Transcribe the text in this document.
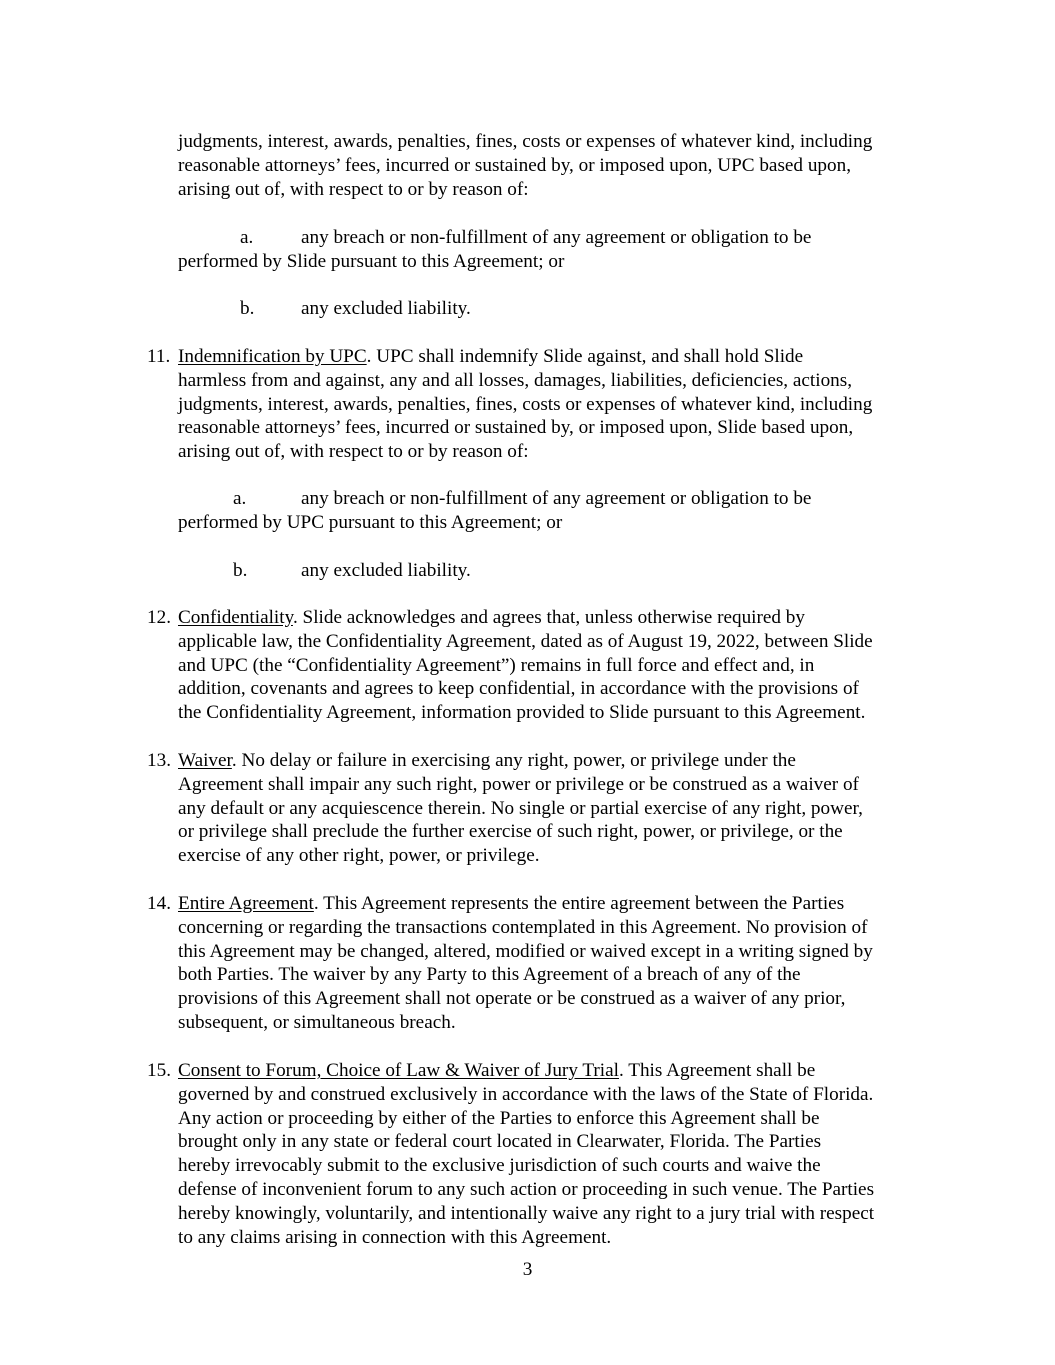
judgments, interest, awards, penalties, fines, costs or expenses of whatever kind, including
reasonable attorneys’ fees, incurred or sustained by, or imposed upon, UPC based upon,
arising out of, with respect to or by reason of:
a. any breach or non-fulfillment of any agreement or obligation to be
performed by Slide pursuant to this Agreement; or
b. any excluded liability.
11. Indemnification by UPC. UPC shall indemnify Slide against, and shall hold Slide
harmless from and against, any and all losses, damages, liabilities, deficiencies, actions,
judgments, interest, awards, penalties, fines, costs or expenses of whatever kind, including
reasonable attorneys’ fees, incurred or sustained by, or imposed upon, Slide based upon,
arising out of, with respect to or by reason of:
a.	any breach or non-fulfillment of any agreement or obligation to be
performed by UPC pursuant to this Agreement; or
b.	any excluded liability.
12. Confidentiality. Slide acknowledges and agrees that, unless otherwise required by
applicable law, the Confidentiality Agreement, dated as of August 19, 2022, between Slide
and UPC (the “Confidentiality Agreement”) remains in full force and effect and, in
addition, covenants and agrees to keep confidential, in accordance with the provisions of
the Confidentiality Agreement, information provided to Slide pursuant to this Agreement.
13. Waiver. No delay or failure in exercising any right, power, or privilege under the
Agreement shall impair any such right, power or privilege or be construed as a waiver of
any default or any acquiescence therein. No single or partial exercise of any right, power,
or privilege shall preclude the further exercise of such right, power, or privilege, or the
exercise of any other right, power, or privilege.
14. Entire Agreement. This Agreement represents the entire agreement between the Parties
concerning or regarding the transactions contemplated in this Agreement. No provision of
this Agreement may be changed, altered, modified or waived except in a writing signed by
both Parties. The waiver by any Party to this Agreement of a breach of any of the
provisions of this Agreement shall not operate or be construed as a waiver of any prior,
subsequent, or simultaneous breach.
15. Consent to Forum, Choice of Law & Waiver of Jury Trial. This Agreement shall be
governed by and construed exclusively in accordance with the laws of the State of Florida.
Any action or proceeding by either of the Parties to enforce this Agreement shall be
brought only in any state or federal court located in Clearwater, Florida. The Parties
hereby irrevocably submit to the exclusive jurisdiction of such courts and waive the
defense of inconvenient forum to any such action or proceeding in such venue. The Parties
hereby knowingly, voluntarily, and intentionally waive any right to a jury trial with respect
to any claims arising in connection with this Agreement.
3
